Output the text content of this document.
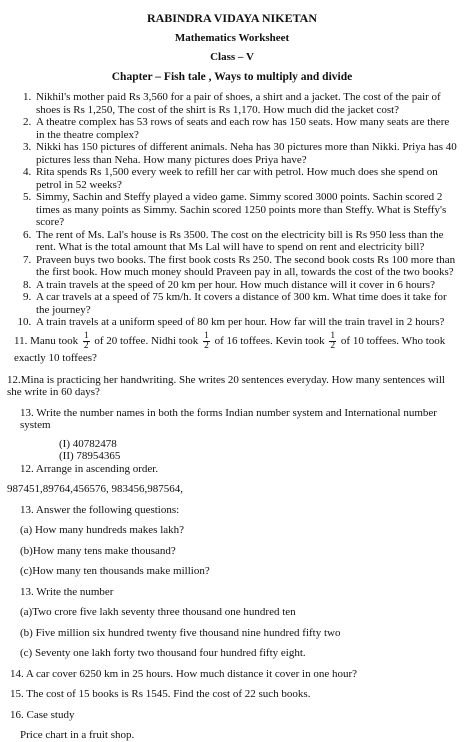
RABINDRA VIDAYA NIKETAN

Mathematics Worksheet

Class – V

Chapter – Fish tale , Ways to multiply and divide

1. Nikhil's mother paid Rs 3,560 for a pair of shoes, a shirt and a jacket. The cost of the pair of shoes is Rs 1,250, The cost of the shirt is Rs 1,170. How much did the jacket cost?
2. A theatre complex has 53 rows of seats and each row has 150 seats. How many seats are there in the theatre complex?
3. Nikki has 150 pictures of different animals. Neha has 30 pictures more than Nikki. Priya has 40 pictures less than Neha. How many pictures does Priya have?
4. Rita spends Rs 1,500 every week to refill her car with petrol. How much does she spend on petrol in 52 weeks?
5. Simmy, Sachin and Steffy played a video game. Simmy scored 3000 points. Sachin scored 2 times as many points as Simmy. Sachin scored 1250 points more than Steffy. What is Steffy's score?
6. The rent of Ms. Lal's house is Rs 3500. The cost on the electricity bill is Rs 950 less than the rent. What is the total amount that Ms Lal will have to spend on rent and electricity bill?
7. Praveen buys two books. The first book costs Rs 250. The second book costs Rs 100 more than the first book. How much money should Praveen pay in all, towards the cost of the two books?
8. A train travels at the speed of 20 km per hour. How much distance will it cover in 6 hours?
9. A car travels at a speed of 75 km/h. It covers a distance of 300 km. What time does it take for the journey?
10. A train travels at a uniform speed of 80 km per hour. How far will the train travel in 2 hours?
11. Manu took $\frac{1}{2}$ of 20 toffee. Nidhi took $\frac{1}{2}$ of 16 toffees. Kevin took $\frac{1}{2}$ of 10 toffees. Who took exactly 10 toffees?

12.Mina is practicing her handwriting. She writes 20 sentences everyday. How many sentences will she write in 60 days?

13. Write the number names in both the forms Indian number system and International number system

(I) 40782478

(II) 78954365

12. Arrange in ascending order.

987451,89764,456576, 983456,987564,

13. Answer the following questions:

(a) How many hundreds makes lakh?

(b)How many tens make thousand?

(c)How many ten thousands make million?

13. Write the number

(a)Two crore five lakh seventy three thousand one hundred ten

(b) Five million six hundred twenty five thousand nine hundred fifty two

(c) Seventy one lakh forty two thousand four hundred fifty eight.

14. A car cover 6250 km in 25 hours. How much distance it cover in one hour?

15. The cost of 15 books is Rs 1545. Find the cost of 22 such books.

16. Case study

Price chart in a fruit shop.
